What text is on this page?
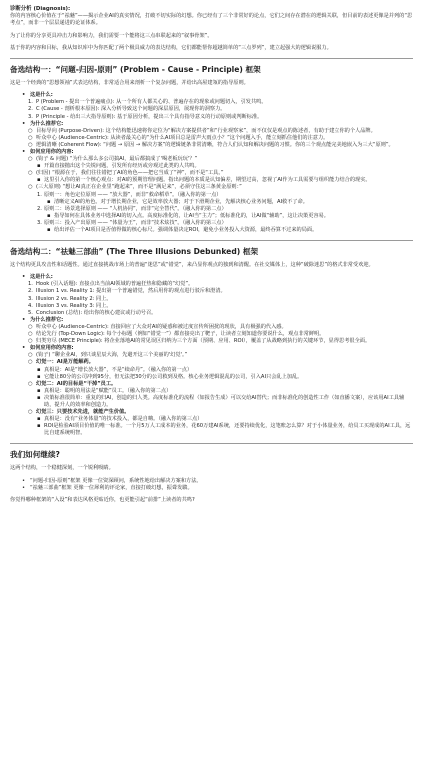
诊断分析 (Diagnosis):

你的内容核心价值在于“祛魅”——揭示企业AI的真实情况，打破不切实际的幻想。你已经有了三个非常好的论点，它们之间存在潜在的逻辑关联，但目前的表述更像是并列的“思考点”，而非一个层层递进的论证体系。

为了让你的分享更具冲击力和影响力，我们需要一个能将这三点串联起来的“叙事骨架”。

基于你的内容和目标，我从知识库中为你匹配了两个极具威力的表达结构，它们都能帮你超越简单的“三点罗列”，建立起强大的逻辑说服力。

备选结构一：“问题-归因-原则” (Problem - Cause - Principle) 框架

这是一个经典的“思想领袖”式表达结构，非常适合用来剖析一个复杂问题，并给出高屋建瓴的指导原则。

• 这是什么:
1. P (Problem - 提出一个普遍痛点): 从一个所有人都关心的、普遍存在的现象或问题切入，引发共鸣。
2. C (Cause - 剖析根本原因): 深入分析导致这个问题的深层原因，展现你的洞察力。
3. P (Principle - 给出三大指导原则): 基于原因分析，提出三个具有指导意义的行动原则或判断标准。
• 为什么推荐它:
○ 目标导向 (Purpose-Driven): 这个结构能迅速将你定位为“解决方案提供者”和“行业观察家”，而不仅仅是观点的陈述者，有助于建立你的个人品牌。
○ 听众中心 (Audience-Centric): 从读者最关心的“为什么AI项目总是雷声大雨点小？”这个问题入手，能立刻抓住他们的注意力。
○ 逻辑清晰 (Coherent Flow): “问题 → 原因 → 解决方案”的逻辑链条非常清晰，符合人们认知和解决问题的习惯。你的三个观点能完美地嵌入为三大“原则”。
• 如何应用你的内容:
○ (钩子 & 问题) “为什么那么多公司搞AI，最后都搞成了'喝老板玩玩'？”
▪ 开篇直接抛出这个尖锐问题，引发所有经历或旁观过此类的人共鸣。
○ (归因) “根源在于，我们往往错把了AI的角色——把它当成了“神”，而不是“工具。”
▪ 这里引入你的第一个核心观点：对AI的预期管理问题。指出问题的本质是认知偏差，期望过高，忽视了AI作为工具需要与组织能力结合的现实。
○ (三大原则) “想让AI真正在企业里“跑起来”，而不是“满足来”，必须守住这三条黄金原则：”
1. 原则一：角色定位原则 —— “放大器”，而非“救命稻草”。（融入你的第一点）
▪ 清晰定义AI的角色。对于增长期企业，它是效率放大器；对于下滑期企业，先解决核心业务问题，AI救不了命。
2. 原则二：场景选择原则 —— “人机协同”，而非“完全替代”。（融入你的第二点）
▪ 指导如何在具体业务中选择AI的切入点。高度标准化的，让AI当“主力”；低标准化的，让AI做“辅助”，这让决策更容易。
3. 原则三：投入产出原则 —— “体量为王”，而非“技术炫技”。（融入你的第三点）
▪ 给出评估一个AI项目是否值得做的核心标尺。强调体量决定ROI，避免小业务投入大资源，最终吞算不过来的局面。
备选结构二：“祛魅三部曲” (The Three Illusions Debunked) 框架

这个结构更具攻击性和话题性。通过直接挑战市场上的普遍“迷思”或“错觉”，来凸显你观点的独到和清醒。在社交媒体上，这种“破除迷思”的格式非常受欢迎。

• 这是什么:
1. Hook (引入话题): 直接点出当前AI领域的普遍狂热和隐藏的“幻觉”。
2. Illusion 1 vs. Reality 1: 提出第一个普遍错觉，然后用你的观点进行驳斥和澄清。
3. Illusion 2 vs. Reality 2: 同上。
4. Illusion 3 vs. Reality 3: 同上。
5. Conclusion (总结): 给出你的核心建议或行动号召。
• 为什么推荐它:
○ 听众中心 (Audience-Centric): 直接回应了大众对AI的疑惑和被过度宣传所困扰的现状，具有极强的代入感。
○ 结论先行 (Top-Down Logic): 每个小标题（例如“错觉一”）都直接亮出了靶子，让读者立刻知道你要说什么，观点非常鲜明。
○ 归类穷尽 (MECE Principle): 将企业落地AI的常见误区归纳为三个方面（预期、应用、ROI），覆盖了从战略到执行的关键环节，显得思考很全面。
• 如何应用你的内容:
○ (钩子) “聊企业AI，到只谈星辰大海，先避开这三个美丽的'幻觉'。”
○ 幻觉一：AI是万能解药。
▪ 真相是：AI是“增长放大器”，不是“续命丹”。（融入你的第一点）
▪ 它能让80分的公司冲到95分，但无法把30分的公司救到及格。核心业务逻辑混乱的公司，引入AI只会乱上加乱。
○ 幻觉二：AI的目标是“干掉”员工。
▪ 真相是：聪明的用法是“赋能”员工。（融入你的第二点）
▪ 决策标准很简单：重复的归AI，创造的归人类。高度标准化的流程（如报告生成）可以交给AI替代；而非标准化的创造性工作（如直播文案），应该用AI工具辅助，提升人的效率和创造力。
○ 幻觉三：只要技术先进，就能产生价值。
▪ 真相是：没有“业务体量”的技术投入，都是自嗨。（融入你的第三点）
▪ ROI是检验AI项目价值的唯一标准。一个月5万人工成本的业务，花60万建AI系统，还要持续优化，这笔账怎么算？对于小体量业务，给员工买现成的AI工具，远比自建系统明智。
我们如何继续?

这两个结构，一个稳健深刻，一个锐利吸睛。

• “问题-归因-原则”框架 更像一位资深顾问，系统性地给出解决方案和方法。
• “祛魅三部曲”框架 更像一位犀利的评论家，直接打破幻想，振聋发聩。

你觉得哪种框架的“入设”和表达风格更贴近你，也更能引起“前排”上读者的共鸣?
